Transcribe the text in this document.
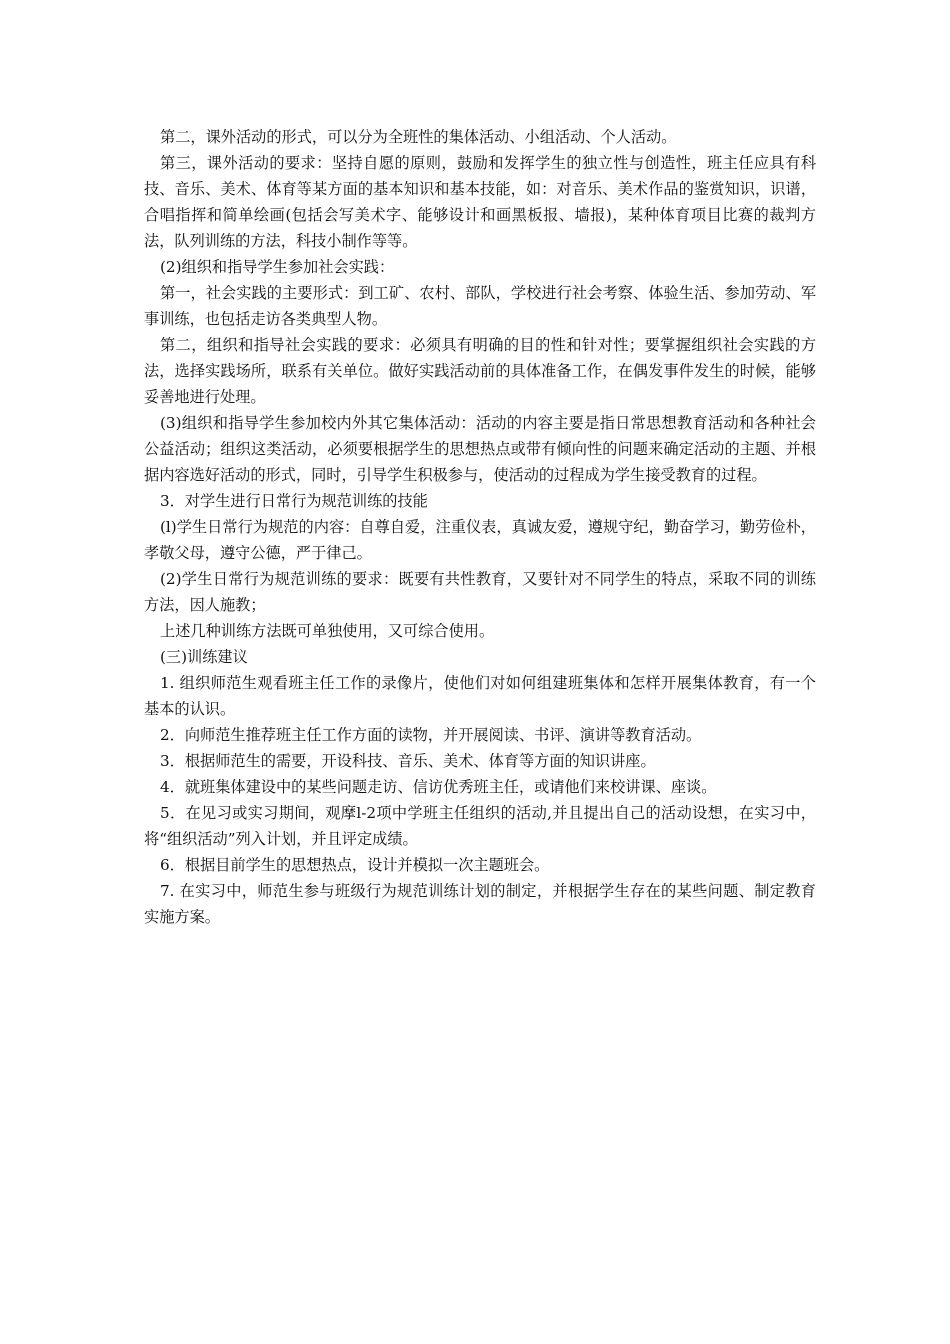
第二，课外活动的形式，可以分为全班性的集体活动、小组活动、个人活动。

第三，课外活动的要求：坚持自愿的原则，鼓励和发挥学生的独立性与创造性，班主任应具有科技、音乐、美术、体育等某方面的基本知识和基本技能，如：对音乐、美术作品的鉴赏知识，识谱，合唱指挥和简单绘画(包括会写美术字、能够设计和画黑板报、墙报)，某种体育项目比赛的裁判方法，队列训练的方法，科技小制作等等。

(2)组织和指导学生参加社会实践：

第一，社会实践的主要形式：到工矿、农村、部队，学校进行社会考察、体验生活、参加劳动、军事训练，也包括走访各类典型人物。

第二，组织和指导社会实践的要求：必须具有明确的目的性和针对性；要掌握组织社会实践的方法，选择实践场所，联系有关单位。做好实践活动前的具体准备工作，在偶发事件发生的时候，能够妥善地进行处理。

(3)组织和指导学生参加校内外其它集体活动：活动的内容主要是指日常思想教育活动和各种社会公益活动；组织这类活动，必须要根据学生的思想热点或带有倾向性的问题来确定活动的主题、并根据内容选好活动的形式，同时，引导学生积极参与，使活动的过程成为学生接受教育的过程。

3．对学生进行日常行为规范训练的技能

(l)学生日常行为规范的内容：自尊自爱，注重仪表，真诚友爱，遵规守纪，勤奋学习，勤劳俭朴，孝敬父母，遵守公德，严于律己。

(2)学生日常行为规范训练的要求：既要有共性教育，又要针对不同学生的特点，采取不同的训练方法，因人施教；

上述几种训练方法既可单独使用，又可综合使用。

(三)训练建议

1. 组织师范生观看班主任工作的录像片，使他们对如何组建班集体和怎样开展集体教育，有一个基本的认识。

2．向师范生推荐班主任工作方面的读物，并开展阅读、书评、演讲等教育活动。

3．根据师范生的需要，开设科技、音乐、美术、体育等方面的知识讲座。

4．就班集体建设中的某些问题走访、信访优秀班主任，或请他们来校讲课、座谈。

5．在见习或实习期间，观摩l-2项中学班主任组织的活动,并且提出自己的活动设想，在实习中，将“组织活动”列入计划，并且评定成绩。

6．根据目前学生的思想热点，设计并模拟一次主题班会。

7. 在实习中，师范生参与班级行为规范训练计划的制定，并根据学生存在的某些问题、制定教育实施方案。
